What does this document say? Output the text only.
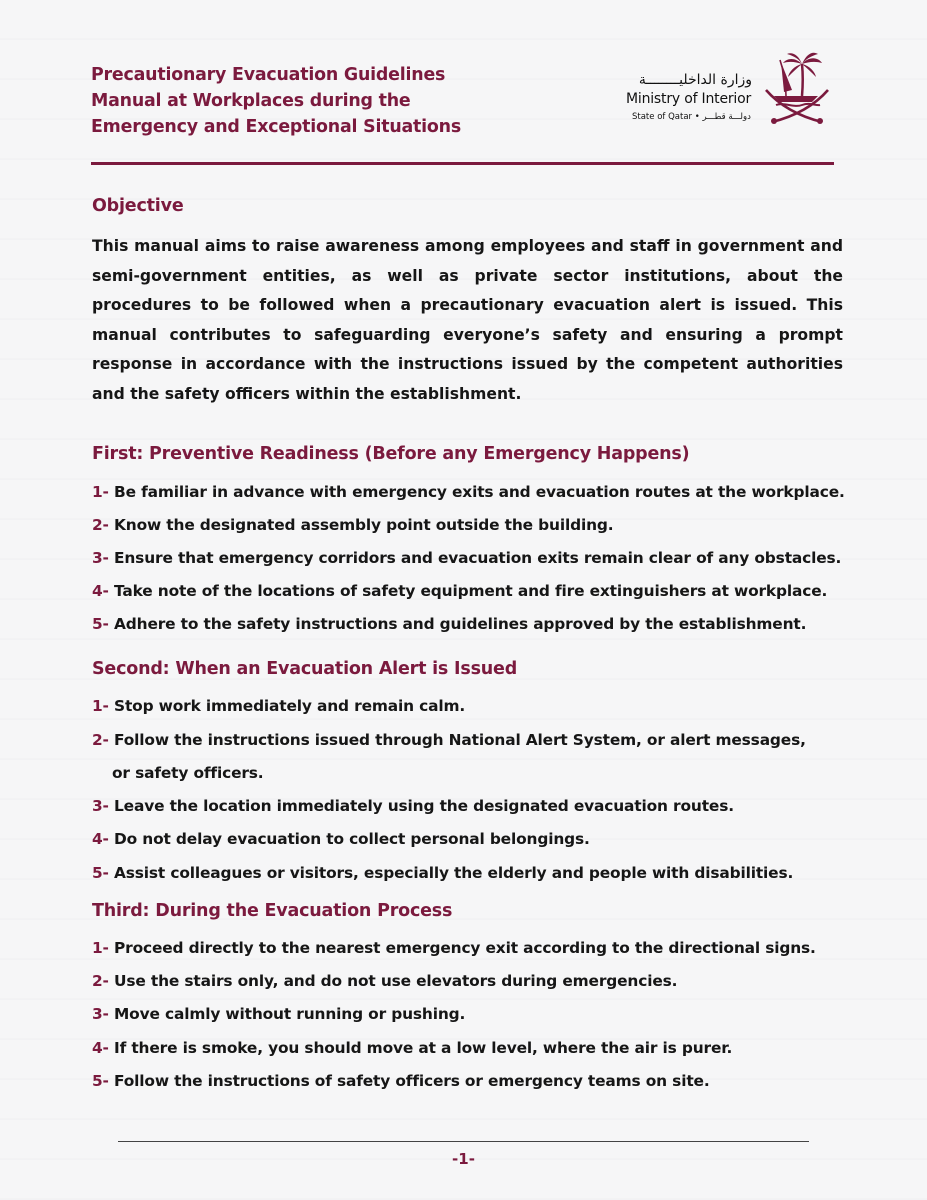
Precautionary Evacuation Guidelines
Manual at Workplaces during the
Emergency and Exceptional Situations
وزارة الداخليــــــــة
Ministry of Interior
State of Qatar • دولـــة قطـــر
Objective
This manual aims to raise awareness among employees and staff in government and semi-government entities, as well as private sector institutions, about the procedures to be followed when a precautionary evacuation alert is issued. This manual contributes to safeguarding everyone’s safety and ensuring a prompt response in accordance with the instructions issued by the competent authorities and the safety officers within the establishment.
First: Preventive Readiness (Before any Emergency Happens)
1- Be familiar in advance with emergency exits and evacuation routes at the workplace.
2- Know the designated assembly point outside the building.
3- Ensure that emergency corridors and evacuation exits remain clear of any obstacles.
4- Take note of the locations of safety equipment and fire extinguishers at workplace.
5- Adhere to the safety instructions and guidelines approved by the establishment.
Second: When an Evacuation Alert is Issued
1- Stop work immediately and remain calm.
2- Follow the instructions issued through National Alert System, or alert messages,
or safety officers.
3- Leave the location immediately using the designated evacuation routes.
4- Do not delay evacuation to collect personal belongings.
5- Assist colleagues or visitors, especially the elderly and people with disabilities.
Third: During the Evacuation Process
1- Proceed directly to the nearest emergency exit according to the directional signs.
2- Use the stairs only, and do not use elevators during emergencies.
3- Move calmly without running or pushing.
4- If there is smoke, you should move at a low level, where the air is purer.
5- Follow the instructions of safety officers or emergency teams on site.
-1-
